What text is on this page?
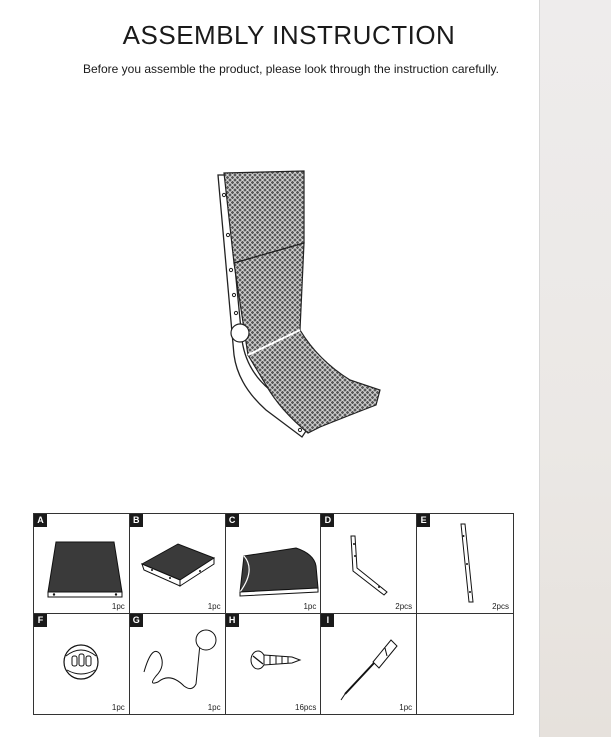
ASSEMBLY INSTRUCTION
Before you assemble the product, please look through the instruction carefully.
A
1pc
B
1pc
C
1pc
D
2pcs
E
2pcs
F
1pc
G
1pc
H
16pcs
I
1pc
